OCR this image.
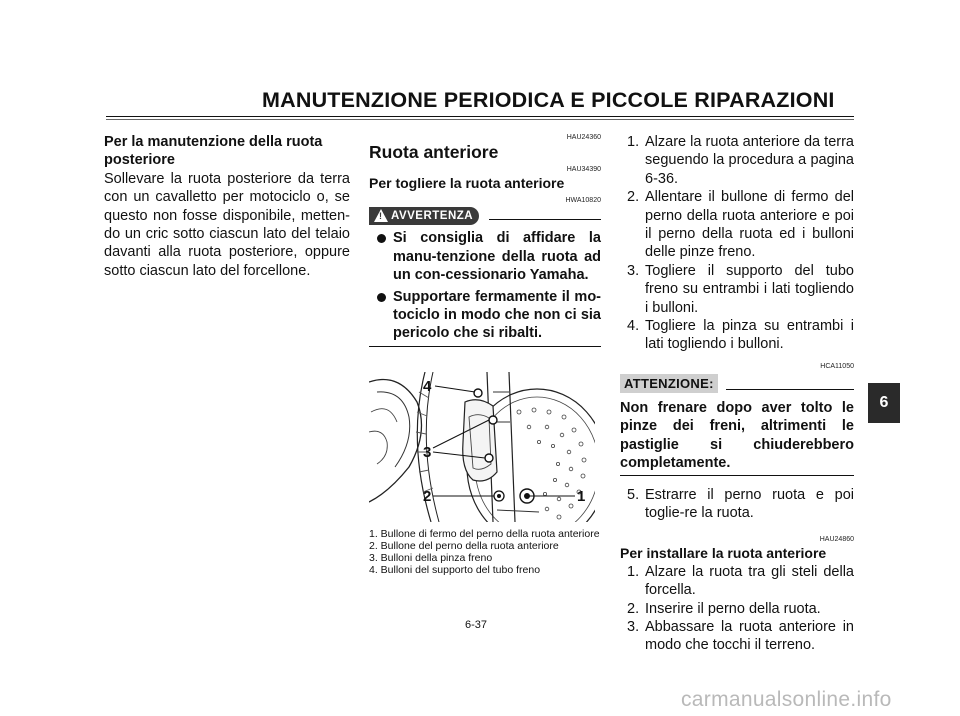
MANUTENZIONE PERIODICA E PICCOLE RIPARAZIONI
6
Per la manutenzione della ruota posteriore
Sollevare la ruota posteriore da terra con un cavalletto per motociclo o, se questo non fosse disponibile, metten-do un cric sotto ciascun lato del telaio davanti alla ruota posteriore, oppure sotto ciascun lato del forcellone.
HAU24360
Ruota anteriore
HAU34390
Per togliere la ruota anteriore
HWA10820
! AVVERTENZA
Si consiglia di affidare la manu-tenzione della ruota ad un con-cessionario Yamaha.
Supportare fermamente il mo-tociclo in modo che non ci sia pericolo che si ribalti.
4
3
2	1
1. Bullone di fermo del perno della ruota anteriore
2. Bullone del perno della ruota anteriore
3. Bulloni della pinza freno
4. Bulloni del supporto del tubo freno
1. Alzare la ruota anteriore da terra seguendo la procedura a pagina 6-36.
2. Allentare il bullone di fermo del perno della ruota anteriore e poi il perno della ruota ed i bulloni delle pinze freno.
3. Togliere il supporto del tubo freno su entrambi i lati togliendo i bulloni.
4. Togliere la pinza su entrambi i lati togliendo i bulloni.
HCA11050
ATTENZIONE:
Non frenare dopo aver tolto le pinze dei freni, altrimenti le pastiglie si chiuderebbero completamente.
5. Estrarre il perno ruota e poi toglie-re la ruota.
HAU24860
Per installare la ruota anteriore
1. Alzare la ruota tra gli steli della forcella.
2. Inserire il perno della ruota.
3. Abbassare la ruota anteriore in modo che tocchi il terreno.
6-37
carmanualsonline.info
